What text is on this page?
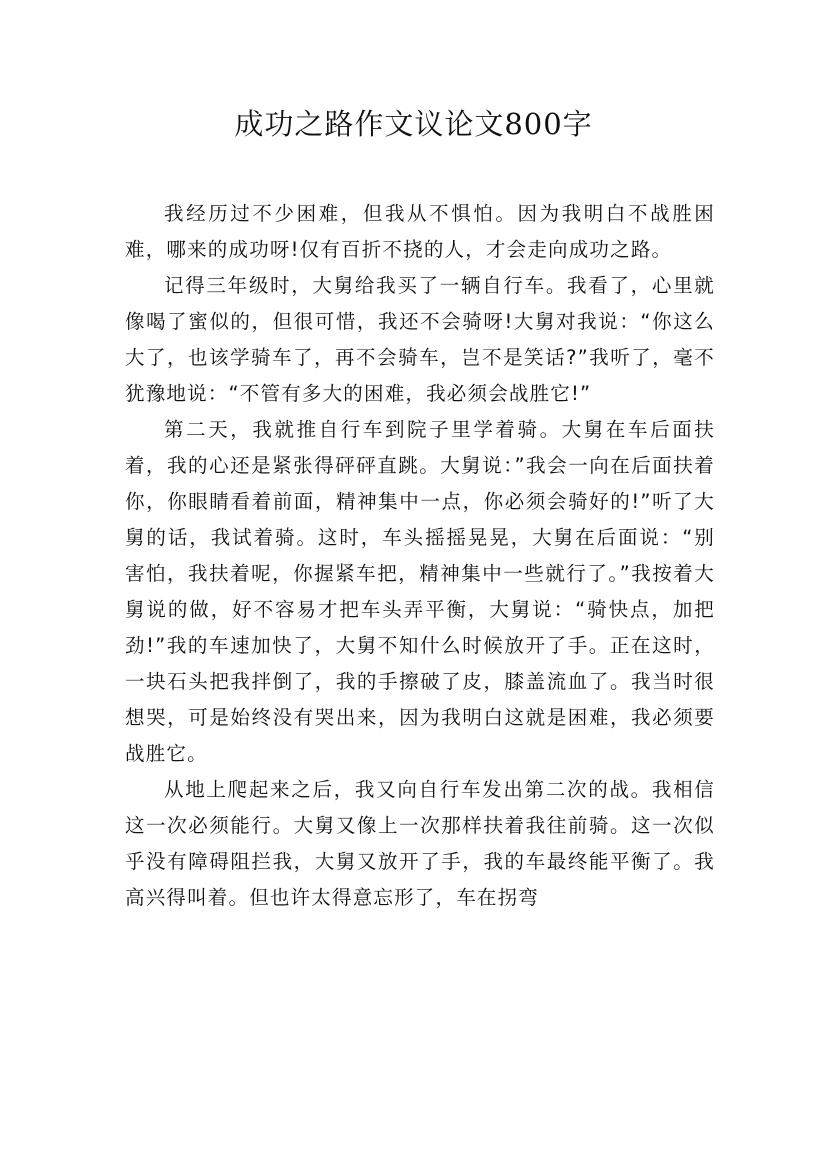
成功之路作文议论文800字

我经历过不少困难，但我从不惧怕。因为我明白不战胜困难，哪来的成功呀!仅有百折不挠的人，才会走向成功之路。

记得三年级时，大舅给我买了一辆自行车。我看了，心里就像喝了蜜似的，但很可惜，我还不会骑呀!大舅对我说：“你这么大了，也该学骑车了，再不会骑车，岂不是笑话?”我听了，毫不犹豫地说：“不管有多大的困难，我必须会战胜它!”

第二天，我就推自行车到院子里学着骑。大舅在车后面扶着，我的心还是紧张得砰砰直跳。大舅说：”我会一向在后面扶着你，你眼睛看着前面，精神集中一点，你必须会骑好的!”听了大舅的话，我试着骑。这时，车头摇摇晃晃，大舅在后面说：“别害怕，我扶着呢，你握紧车把，精神集中一些就行了。”我按着大舅说的做，好不容易才把车头弄平衡，大舅说：“骑快点，加把劲!”我的车速加快了，大舅不知什么时候放开了手。正在这时，一块石头把我拌倒了，我的手擦破了皮，膝盖流血了。我当时很想哭，可是始终没有哭出来，因为我明白这就是困难，我必须要战胜它。

从地上爬起来之后，我又向自行车发出第二次的战。我相信这一次必须能行。大舅又像上一次那样扶着我往前骑。这一次似乎没有障碍阻拦我，大舅又放开了手，我的车最终能平衡了。我高兴得叫着。但也许太得意忘形了，车在拐弯
